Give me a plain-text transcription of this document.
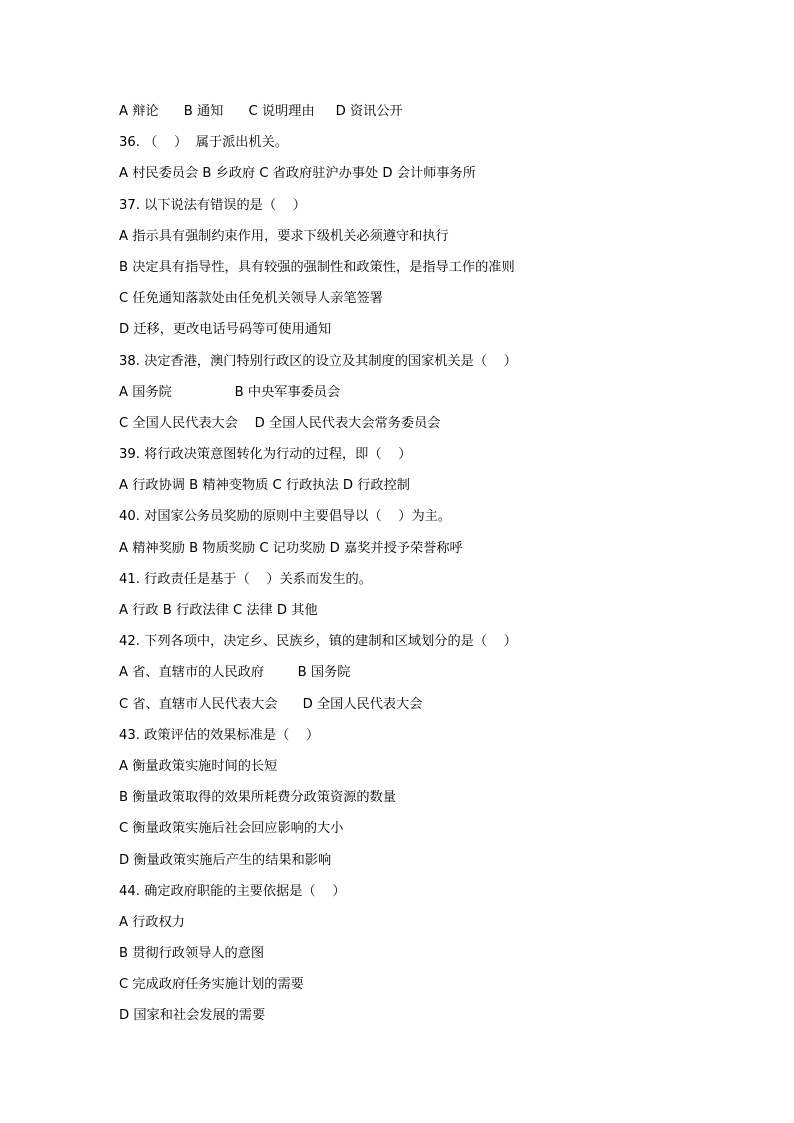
A 辩论      B 通知      C 说明理由     D 资讯公开
36. （    ）  属于派出机关。
A 村民委员会 B 乡政府 C 省政府驻沪办事处 D 会计师事务所
37. 以下说法有错误的是（    ）
A 指示具有强制约束作用，要求下级机关必须遵守和执行
B 决定具有指导性，具有较强的强制性和政策性，是指导工作的准则
C 任免通知落款处由任免机关领导人亲笔签署
D 迁移，更改电话号码等可使用通知
38. 决定香港，澳门特别行政区的设立及其制度的国家机关是（    ）
A 国务院               B 中央军事委员会
C 全国人民代表大会    D 全国人民代表大会常务委员会
39. 将行政决策意图转化为行动的过程，即（    ）
A 行政协调 B 精神变物质 C 行政执法 D 行政控制
40. 对国家公务员奖励的原则中主要倡导以（    ）为主。
A 精神奖励 B 物质奖励 C 记功奖励 D 嘉奖并授予荣誉称呼
41. 行政责任是基于（    ）关系而发生的。
A 行政 B 行政法律 C 法律 D 其他
42. 下列各项中，决定乡、民族乡，镇的建制和区域划分的是（    ）
A 省、直辖市的人民政府        B 国务院
C 省、直辖市人民代表大会      D 全国人民代表大会
43. 政策评估的效果标准是（    ）
A 衡量政策实施时间的长短
B 衡量政策取得的效果所耗费分政策资源的数量
C 衡量政策实施后社会回应影响的大小
D 衡量政策实施后产生的结果和影响
44. 确定政府职能的主要依据是（    ）
A 行政权力
B 贯彻行政领导人的意图
C 完成政府任务实施计划的需要
D 国家和社会发展的需要
